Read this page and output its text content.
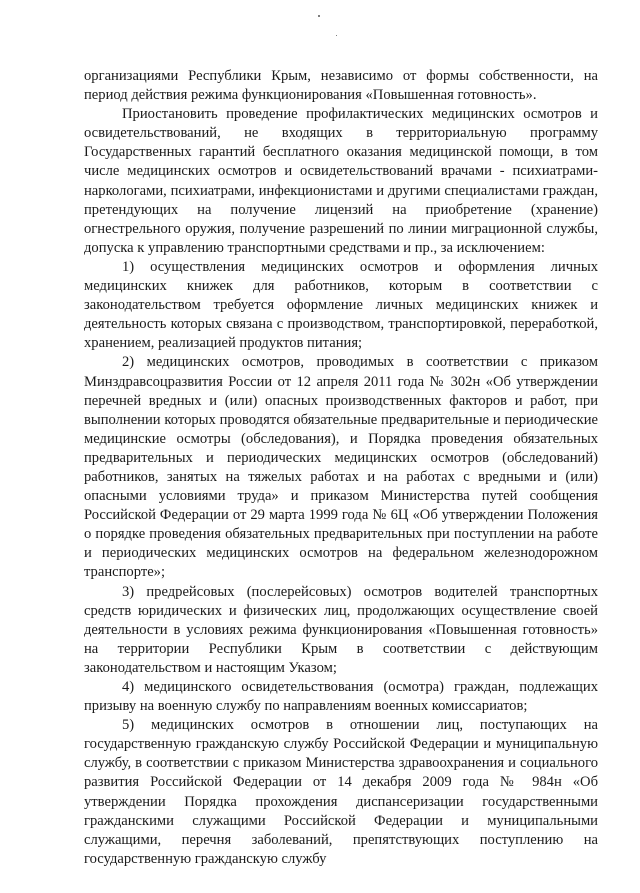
организациями Республики Крым, независимо от формы собственности, на период действия режима функционирования «Повышенная готовность».

Приостановить проведение профилактических медицинских осмотров и освидетельствований, не входящих в территориальную программу Государственных гарантий бесплатного оказания медицинской помощи, в том числе медицинских осмотров и освидетельствований врачами - психиатрами-наркологами, психиатрами, инфекционистами и другими специалистами граждан, претендующих на получение лицензий на приобретение (хранение) огнестрельного оружия, получение разрешений по линии миграционной службы, допуска к управлению транспортными средствами и пр., за исключением:

1) осуществления медицинских осмотров и оформления личных медицинских книжек для работников, которым в соответствии с законодательством требуется оформление личных медицинских книжек и деятельность которых связана с производством, транспортировкой, переработкой, хранением, реализацией продуктов питания;

2) медицинских осмотров, проводимых в соответствии с приказом Минздравсоцразвития России от 12 апреля 2011 года № 302н «Об утверждении перечней вредных и (или) опасных производственных факторов и работ, при выполнении которых проводятся обязательные предварительные и периодические медицинские осмотры (обследования), и Порядка проведения обязательных предварительных и периодических медицинских осмотров (обследований) работников, занятых на тяжелых работах и на работах с вредными и (или) опасными условиями труда» и приказом Министерства путей сообщения Российской Федерации от 29 марта 1999 года № 6Ц «Об утверждении Положения о порядке проведения обязательных предварительных при поступлении на работе и периодических медицинских осмотров на федеральном железнодорожном транспорте»;

3) предрейсовых (послерейсовых) осмотров водителей транспортных средств юридических и физических лиц, продолжающих осуществление своей деятельности в условиях режима функционирования «Повышенная готовность» на территории Республики Крым в соответствии с действующим законодательством и настоящим Указом;

4) медицинского освидетельствования (осмотра) граждан, подлежащих призыву на военную службу по направлениям военных комиссариатов;

5) медицинских осмотров в отношении лиц, поступающих на государственную гражданскую службу Российской Федерации и муниципальную службу, в соответствии с приказом Министерства здравоохранения и социального развития Российской Федерации от 14 декабря 2009 года № 984н «Об утверждении Порядка прохождения диспансеризации государственными гражданскими служащими Российской Федерации и муниципальными служащими, перечня заболеваний, препятствующих поступлению на государственную гражданскую службу
